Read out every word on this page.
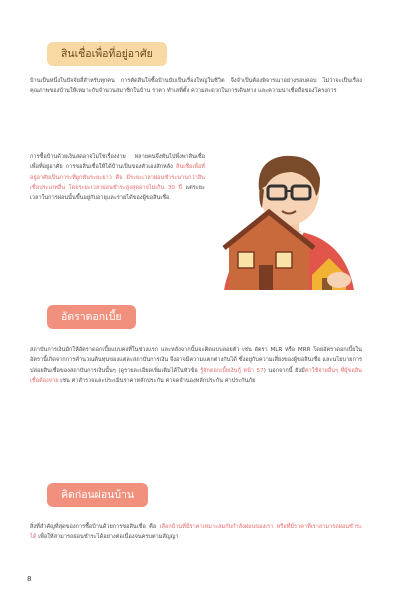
สินเชื่อเพื่อที่อยู่อาศัย
บ้านเป็นหนึ่งในปัจจัยสี่สำหรับทุกคน การตัดสินใจซื้อบ้านนับเป็นเรื่องใหญ่ในชีวิต จึงจำเป็นต้องพิจารณาอย่างรอบคอบ ไม่ว่าจะเป็นเรื่องคุณภาพของบ้านให้เหมาะกับจำนวนสมาชิกในบ้าน ราคา ทำเลที่ตั้ง ความสะดวกในการเดินทาง และความน่าเชื่อถือของโครงการ
การซื้อบ้านด้วยเงินสดอาจไม่ใช่เรื่องง่าย หลายคนจึงหันไปพึ่งพาสินเชื่อเพื่อที่อยู่อาศัย การขอสินเชื่อให้ได้บ้านเป็นของตัวเองสักหลัง สินเชื่อเพื่อที่อยู่อาศัยเป็นภาระที่ผูกพันระยะยาว คือ มีระยะเวลาผ่อนชำระนานกว่าสินเชื่อประเภทอื่น โดยระยะเวลาผ่อนชำระสูงสุดอาจไม่เกิน 30 ปี แต่ระยะเวลาในการผ่อนนั้นขึ้นอยู่กับอายุและรายได้ของผู้ขอสินเชื่อ
อัตราดอกเบี้ย
สถาบันการเงินมักให้อัตราดอกเบี้ยแบบคงที่ในช่วงแรก และหลังจากนั้นจะคิดแบบลอยตัว เช่น อัตรา MLR หรือ MRR โดยอัตราดอกเบี้ยในอัตรานี้เกิดจากการคำนวณต้นทุนของแต่ละสถาบันการเงิน จึงอาจมีความแตกต่างกันได้ ซึ่งอยู่กับความเสี่ยงของผู้ขอสินเชื่อ และนโยบายการปล่อยสินเชื่อของสถาบันการเงินนั้นๆ (ดูรายละเอียดเพิ่มเติมได้ในหัวข้อ รู้จักดอกเบี้ยเงินกู้ หน้า 57) นอกจากนี้ ยังมีค่าใช้จ่ายอื่นๆ ที่ผู้ขอสินเชื่อต้องจ่าย เช่น ค่าสำรวจและประเมินราคาหลักประกัน ค่าจดจำนองหลักประกัน ค่าประกันภัย
คิดก่อนผ่อนบ้าน
สิ่งที่สำคัญที่สุดของการซื้อบ้านด้วยการขอสินเชื่อ คือ เลือกบ้านที่มีราคาเหมาะสมกับกำลังผ่อนของเรา หรือที่มีราคาที่เราสามารถผ่อนชำระได้ เพื่อให้สามารถผ่อนชำระได้อย่างต่อเนื่องจนครบตามสัญญา
8
